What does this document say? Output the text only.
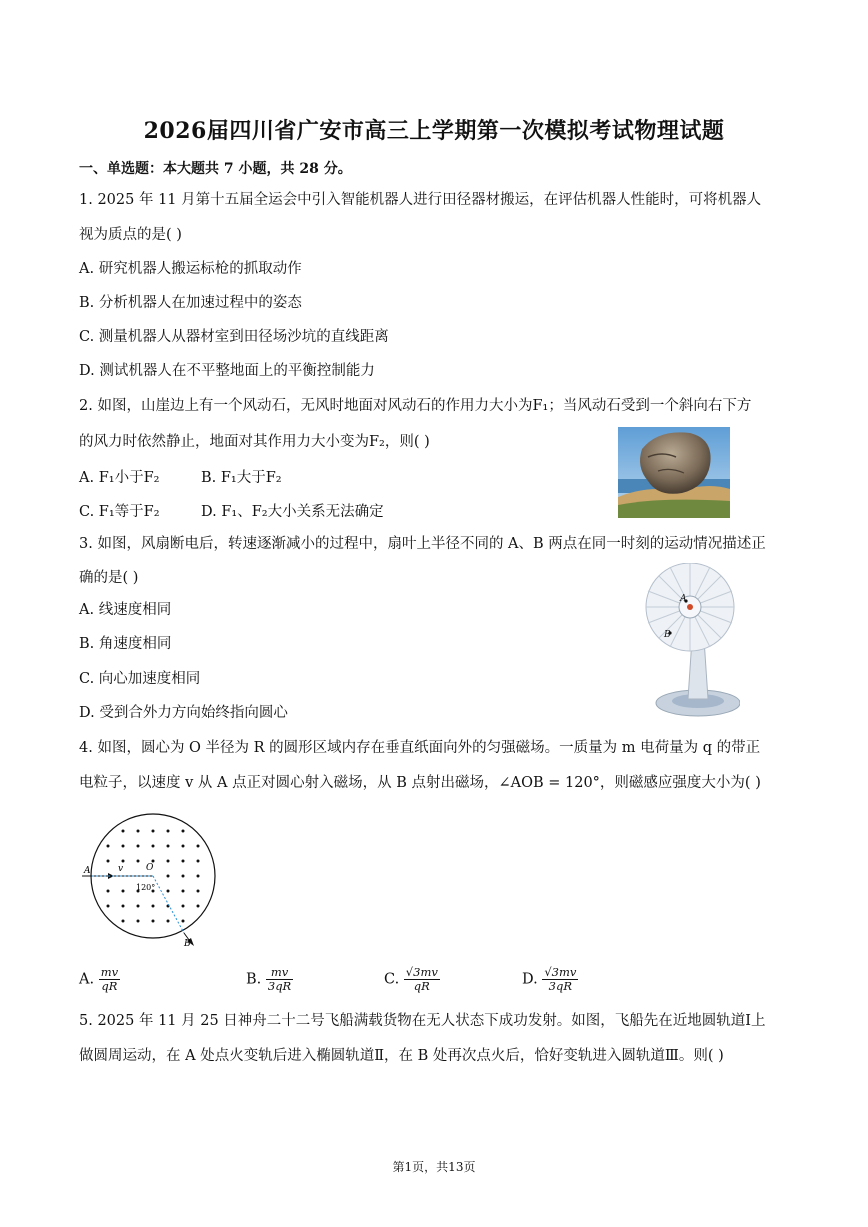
2026届四川省广安市高三上学期第一次模拟考试物理试题
一、单选题：本大题共 7 小题，共 28 分。
1. 2025 年 11 月第十五届全运会中引入智能机器人进行田径器材搬运，在评估机器人性能时，可将机器人
视为质点的是( )
A. 研究机器人搬运标枪的抓取动作
B. 分析机器人在加速过程中的姿态
C. 测量机器人从器材室到田径场沙坑的直线距离
D. 测试机器人在不平整地面上的平衡控制能力
2. 如图，山崖边上有一个风动石，无风时地面对风动石的作用力大小为F₁；当风动石受到一个斜向右下方
的风力时依然静止，地面对其作用力大小变为F₂，则( )
A. F₁小于F₂	B. F₁大于F₂
C. F₁等于F₂	D. F₁、F₂大小关系无法确定
3. 如图，风扇断电后，转速逐渐减小的过程中，扇叶上半径不同的 A、B 两点在同一时刻的运动情况描述正
确的是( )
A. 线速度相同
B. 角速度相同
C. 向心加速度相同
D. 受到合外力方向始终指向圆心
A
B
4. 如图，圆心为 O 半径为 R 的圆形区域内存在垂直纸面向外的匀强磁场。一质量为 m 电荷量为 q 的带正
电粒子，以速度 v 从 A 点正对圆心射入磁场，从 B 点射出磁场，∠AOB = 120°，则磁感应强度大小为( )
A	v	O
120°
B
A. $\frac{mv}{qR}$	B. $\frac{mv}{3qR}$	C. $\frac{√3mv}{qR}$	D. $\frac{√3mv}{3qR}$
5. 2025 年 11 月 25 日神舟二十二号飞船满载货物在无人状态下成功发射。如图，飞船先在近地圆轨道Ⅰ上
做圆周运动，在 A 处点火变轨后进入椭圆轨道Ⅱ，在 B 处再次点火后，恰好变轨进入圆轨道Ⅲ。则( )
第1页，共13页
